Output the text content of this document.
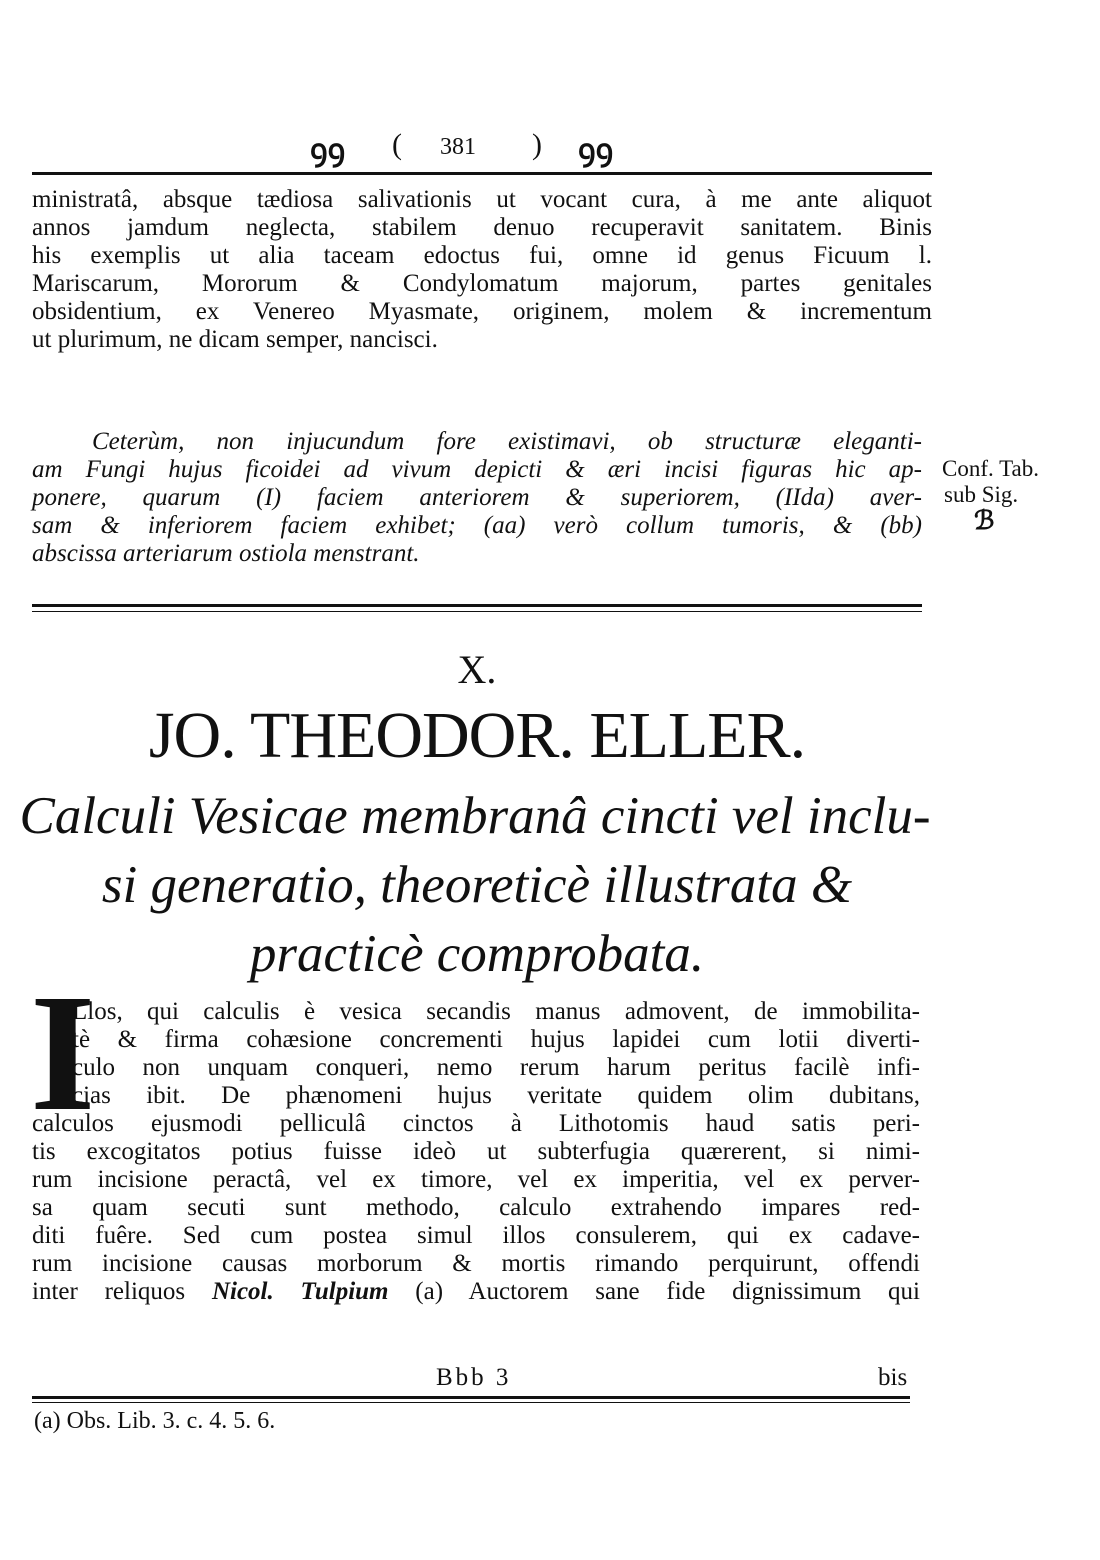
ꝯꝯ ( 381 ) ꝯꝯ
ministratâ, absque tædiosa salivationis ut vocant cura, à me ante aliquot
annos jamdum neglecta, stabilem denuo recuperavit sanitatem. Binis
his exemplis ut alia taceam edoctus fui, omne id genus Ficuum l.
Mariscarum, Mororum & Condylomatum majorum, partes genitales
obsidentium, ex Venereo Myasmate, originem, molem & incrementum
ut plurimum, ne dicam semper, nancisci.
Ceterùm, non injucundum fore existimavi, ob structuræ eleganti-
am Fungi hujus ficoidei ad vivum depicti & æri incisi figuras hic ap-
ponere, quarum (I) faciem anteriorem & superiorem, (IIda) aver-
sam & inferiorem faciem exhibet; (aa) verò collum tumoris, & (bb)
abscissa arteriarum ostiola menstrant.
Conf. Tab.
sub Sig.
ℬ
X.
JO. THEODOR. ELLER.
Calculi Vesicae membranâ cincti vel inclu-
si generatio, theoreticè illustrata &
practicè comprobata.
I
Llos, qui calculis è vesica secandis manus admovent, de immobilita-
tè & firma cohæsione concrementi hujus lapidei cum lotii diverti-
culo non unquam conqueri, nemo rerum harum peritus facilè infi-
cias ibit. De phænomeni hujus veritate quidem olim dubitans,
calculos ejusmodi pelliculâ cinctos à Lithotomis haud satis peri-
tis excogitatos potius fuisse ideò ut subterfugia quærerent, si nimi-
rum incisione peractâ, vel ex timore, vel ex imperitia, vel ex perver-
sa quam secuti sunt methodo, calculo extrahendo impares red-
diti fuêre. Sed cum postea simul illos consulerem, qui ex cadave-
rum incisione causas morborum & mortis rimando perquirunt, offendi
inter reliquos Nicol. Tulpium (a) Auctorem sane fide dignissimum qui
Bbb 3	bis
(a) Obs. Lib. 3. c. 4. 5. 6.
